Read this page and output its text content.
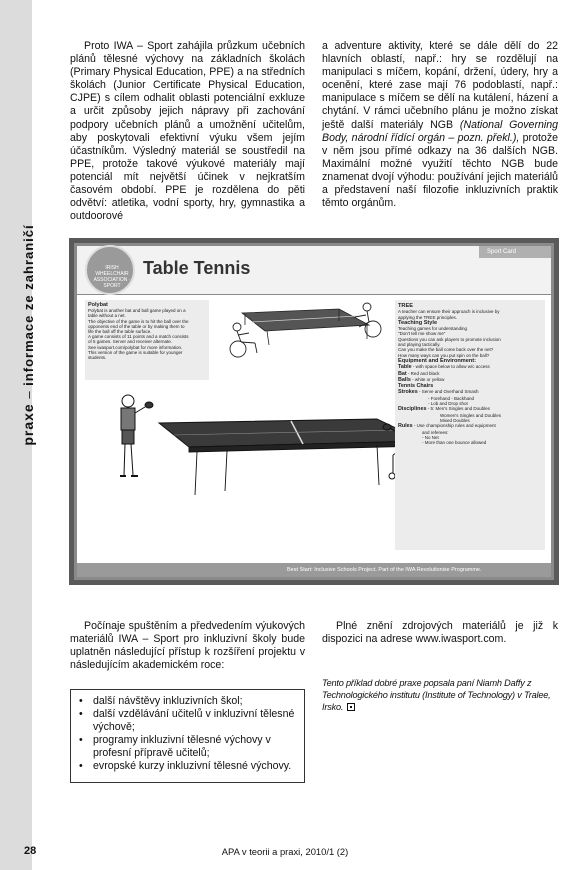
praxe – informace ze zahraničí

Proto IWA – Sport zahájila průzkum učebních plánů tělesné výchovy na základních školách (Primary Physical Education, PPE) a na středních školách (Junior Certificate Physical Education, CJPE) s cílem odhalit oblasti potenciální exkluze a určit způsoby jejich nápravy při zachování podpory učebních plánů a umožnění učitelům, aby poskytovali efektivní výuku všem jejím účastníkům. Výsledný materiál se soustředil na PPE, protože takové výukové materiály mají potenciál mít největší účinek v nejkratším časovém období. PPE je rozdělena do pěti odvětví: atletika, vodní sporty, hry, gymnastika a outdoorové

a adventure aktivity, které se dále dělí do 22 hlavních oblastí, např.: hry se rozdělují na manipulaci s míčem, kopání, držení, údery, hry a ocenění, které zase mají 76 podoblastí, např.: manipulace s míčem se dělí na kutálení, házení a chytání. V rámci učebního plánu je možno získat ještě další materiály NGB (National Governing Body, národní řídící orgán – pozn. překl.), protože v něm jsou přímé odkazy na 36 dalších NGB. Maximální možné využití těchto NGB bude znamenat dvojí výhodu: používání jejich materiálů a představení naší filozofie inkluzivních praktik těmto orgánům.

IRISH WHEELCHAIR ASSOCIATION · SPORT
Table Tennis
Sport Card
Polybat
Polybat is another bat and ball game played on a
table without a net.
The objective of the game is to hit the ball over the
opponents end of the table or by making them to
life the ball off the table surface.
A game consists of 11 points and a match consists
of 5 games. Server and receiver alternate.
See iwasport.com/polybat for more information.
This version of the game is suitable for younger
students.
TREE
A teacher can ensure their approach is inclusive by
applying the TREE principles.
Teaching Style
Teaching games for understanding
"Don't tell me show me"
Questions you can ask players to promote inclusion
and playing tactically.
Can you make the ball come back over the net?
How many ways can you put spin on the ball?
Equipment and Environment:
Table - with space below to allow w/c access
Bat - Red and black
Balls - white or yellow
Tennis Chairs
Strokes - Serve and Overhand Smash
- Forehand - Backhand
- Lob and Drop shot
Disciplines - 5: Men's Singles and Doubles
Women's Singles and Doubles
Mixed Doubles
Rules - Use championship rules and equipment
and referees:
- No Net
- More than one bounce allowed
Best Start: Inclusive Schools Project. Part of the IWA Revolutionise Programme.

Počínaje spuštěním a předvedením výukových materiálů IWA – Sport pro inkluzivní školy bude uplatněn následující přístup k rozšíření projektu v následujícím akademickém roce:

• další návštěvy inkluzivních škol;
• další vzdělávání učitelů v inkluzivní tělesné výchově;
• programy inkluzivní tělesné výchovy v profesní přípravě učitelů;
• evropské kurzy inkluzivní tělesné výchovy.

Plné znění zdrojových materiálů je již k dispozici na adrese www.iwasport.com.

Tento příklad dobré praxe popsala paní Niamh Daffy z Technologického institutu (Institute of Technology) v Tralee, Irsko.
28	APA v teorii a praxi, 2010/1 (2)
